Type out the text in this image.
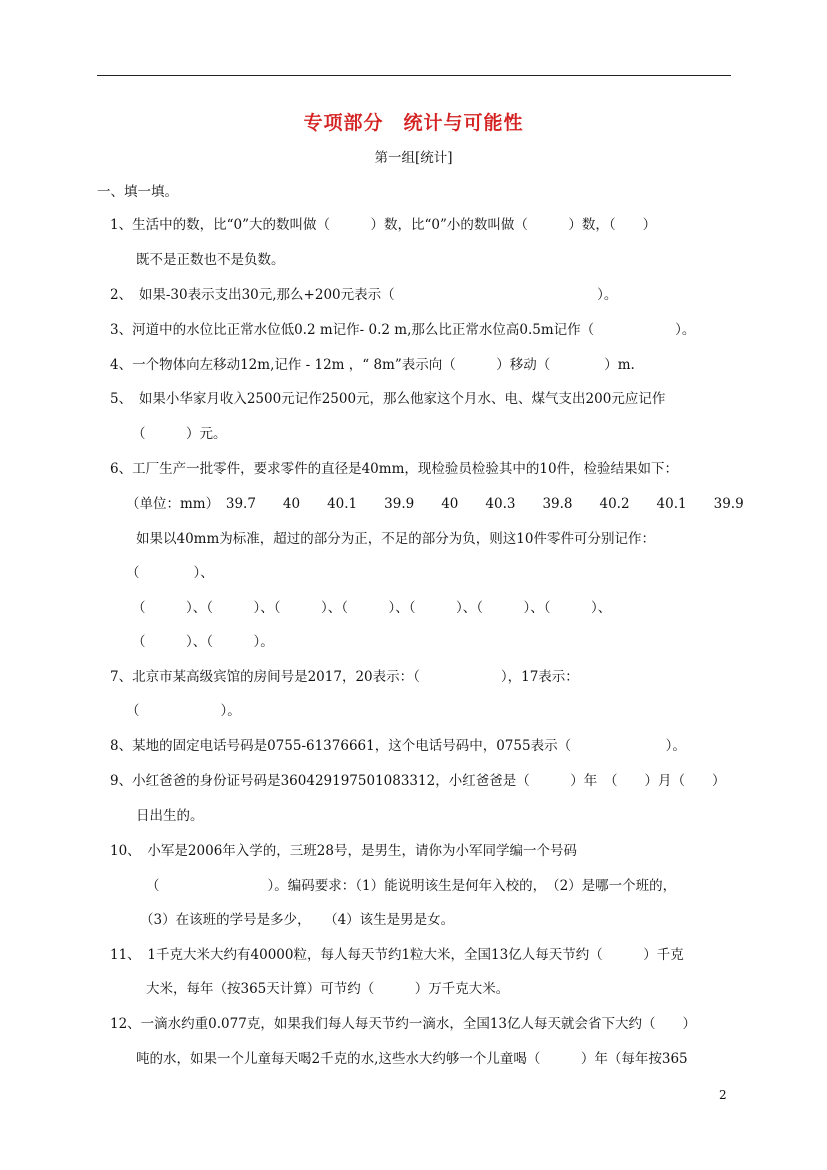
专项部分　统计与可能性
第一组[统计]
一、填一填。
1、生活中的数，比“0”大的数叫做（　　　）数，比“0”小的数叫做（　　　）数，（　　）
既不是正数也不是负数。
2、　如果-30表示支出30元,那么+200元表示（　　　　　　　　　　　　　　　）。
3、河道中的水位比正常水位低0.2 m记作- 0.2 m,那么比正常水位高0.5m记作（　　　　　　）。
4、一个物体向左移动12m,记作 - 12m ，“ 8m”表示向（　　　）移动（　　　　）m.
5、　如果小华家月收入2500元记作2500元，那么他家这个月水、电、煤气支出200元应记作
（　　　）元。
6、工厂生产一批零件，要求零件的直径是40mm，现检验员检验其中的10件，检验结果如下：
（单位：mm）　39.7　　40　　40.1　　39.9　　40　　40.3　　39.8　　40.2　　40.1　　39.9
如果以40mm为标准，超过的部分为正，不足的部分为负，则这10件零件可分别记作：
（　　　　）、
（　　　）、（　　　）、（　　　）、（　　　）、（　　　）、（　　　）、（　　　）、
（　　　）、（　　　）。
7、北京市某高级宾馆的房间号是2017，20表示：（　　　　　　），17表示：
（　　　　　　）。
8、某地的固定电话号码是0755-61376661，这个电话号码中，0755表示（　　　　　　　）。
9、小红爸爸的身份证号码是360429197501083312，小红爸爸是（　　　）年　（　　）月（　　）
日出生的。
10、　小军是2006年入学的，三班28号，是男生，请你为小军同学编一个号码
（　　　　　　　　）。编码要求：（1）能说明该生是何年入校的，　（2）是哪一个班的，
（3）在该班的学号是多少，　　（4）该生是男是女。
11、　1千克大米大约有40000粒，每人每天节约1粒大米，全国13亿人每天节约（　　　）千克
大米，每年（按365天计算）可节约（　　　）万千克大米。
12、一滴水约重0.077克，如果我们每人每天节约一滴水，全国13亿人每天就会省下大约（　　）
吨的水，如果一个儿童每天喝2千克的水,这些水大约够一个儿童喝（　　　）年（每年按365
2
